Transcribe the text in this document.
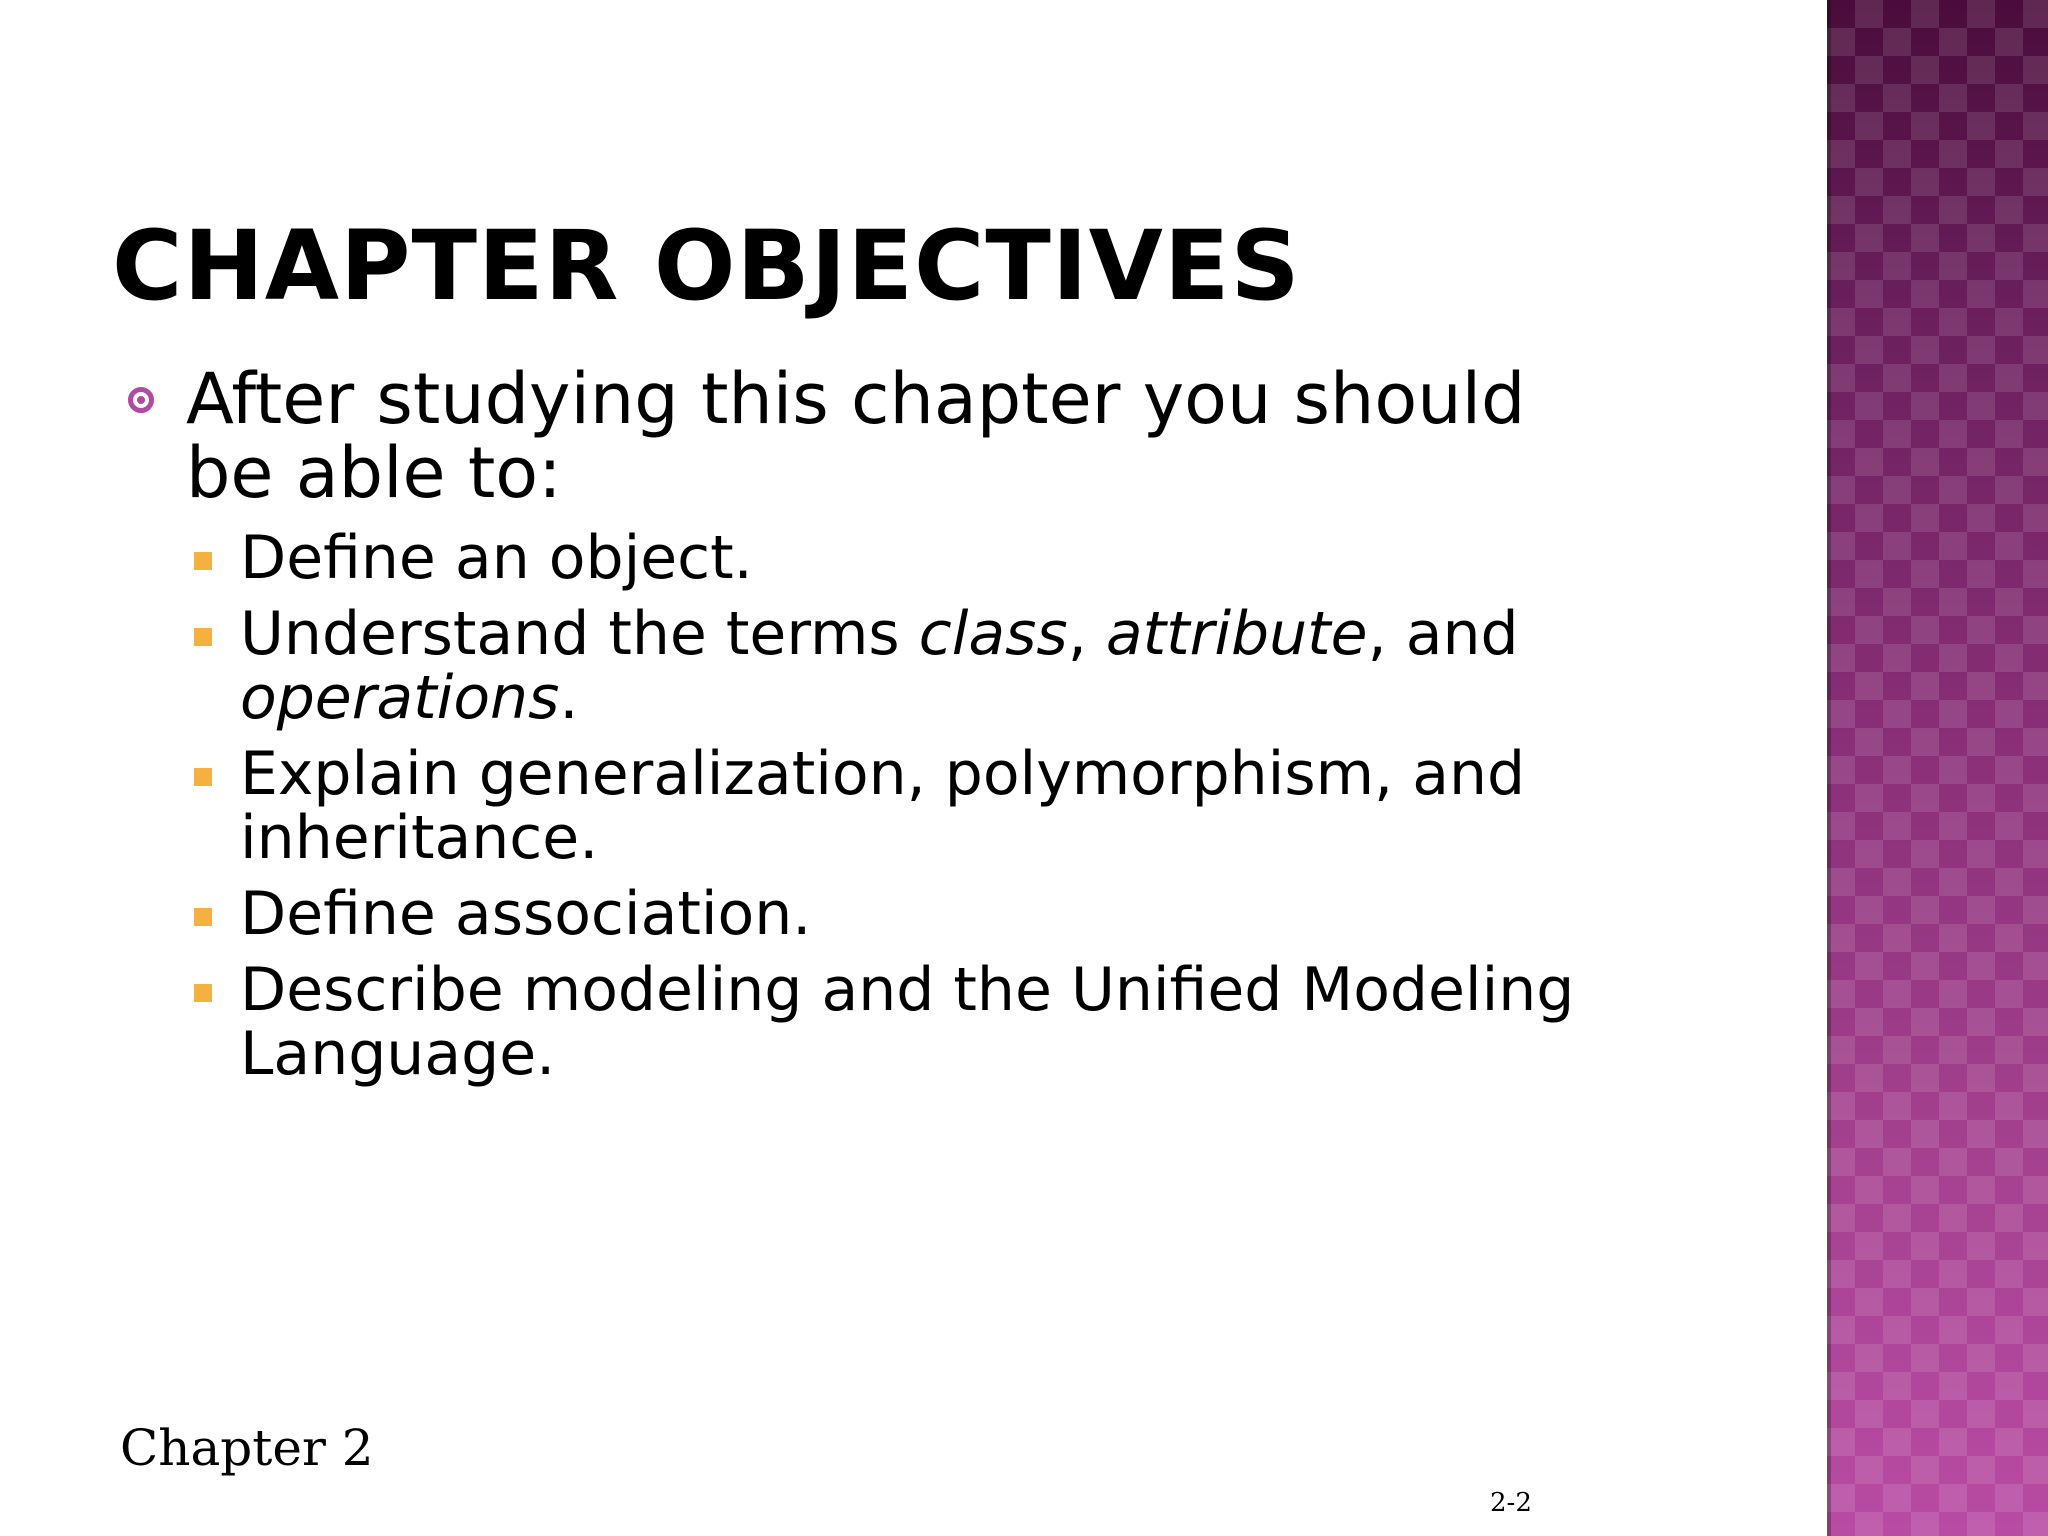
CHAPTER OBJECTIVES

After studying this chapter you should be able to:

Define an object.
Understand the terms class, attribute, and operations.
Explain generalization, polymorphism, and inheritance.
Define association.
Describe modeling and the Unified Modeling Language.
Chapter 2
2-2
